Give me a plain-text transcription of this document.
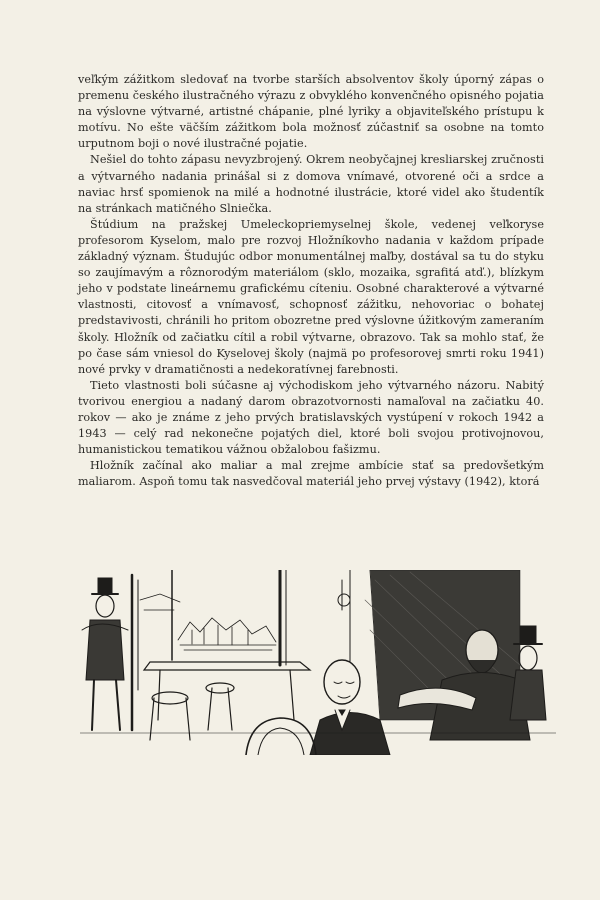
veľkým zážitkom sledovať na tvorbe starších absolventov školy úporný zápas o premenu českého ilustračného výrazu z obvyklého konvenčného opisného pojatia na výslovne výtvarné, artistné chápanie, plné lyriky a objaviteľského prístupu k motívu. No ešte väčším zážitkom bola možnosť zúčastniť sa osobne na tomto urputnom boji o nové ilustračné pojatie.

Nešiel do tohto zápasu nevyzbrojený. Okrem neobyčajnej kresliarskej zručnosti a výtvarného nadania prinášal si z domova vnímavé, otvorené oči a srdce a naviac hrsť spomienok na milé a hodnotné ilustrácie, ktoré videl ako študentík na stránkach matičného Slniečka.

Štúdium na pražskej Umeleckopriemyselnej škole, vedenej veľkoryse profesorom Kyselom, malo pre rozvoj Hložníkovho nadania v každom prípade základný význam. Študujúc odbor monumentálnej maľby, dostával sa tu do styku so zaujímavým a rôznorodým materiálom (sklo, mozaika, sgrafitá atď.), blízkym jeho v podstate lineárnemu grafickému cíteniu. Osobné charakterové a výtvarné vlastnosti, citovosť a vnímavosť, schopnosť zážitku, nehovoriac o bohatej predstavivosti, chránili ho pritom obozretne pred výslovne úžitkovým zameraním školy. Hložník od začiatku cítil a robil výtvarne, obrazovo. Tak sa mohlo stať, že po čase sám vniesol do Kyselovej školy (najmä po profesorovej smrti roku 1941) nové prvky v dramatičnosti a nedekoratívnej farebnosti.

Tieto vlastnosti boli súčasne aj východiskom jeho výtvarného názoru. Nabitý tvorivou energiou a nadaný darom obrazotvornosti namaľoval na začiatku 40. rokov — ako je známe z jeho prvých bratislavských vystúpení v rokoch 1942 a 1943 — celý rad nekonečne pojatých diel, ktoré boli svojou protivojnovou, humanistickou tematikou vážnou obžalobou fašizmu.

Hložník začínal ako maliar a mal zrejme ambície stať sa predovšetkým maliarom. Aspoň tomu tak nasvedčoval materiál jeho prvej výstavy (1942), ktorá
